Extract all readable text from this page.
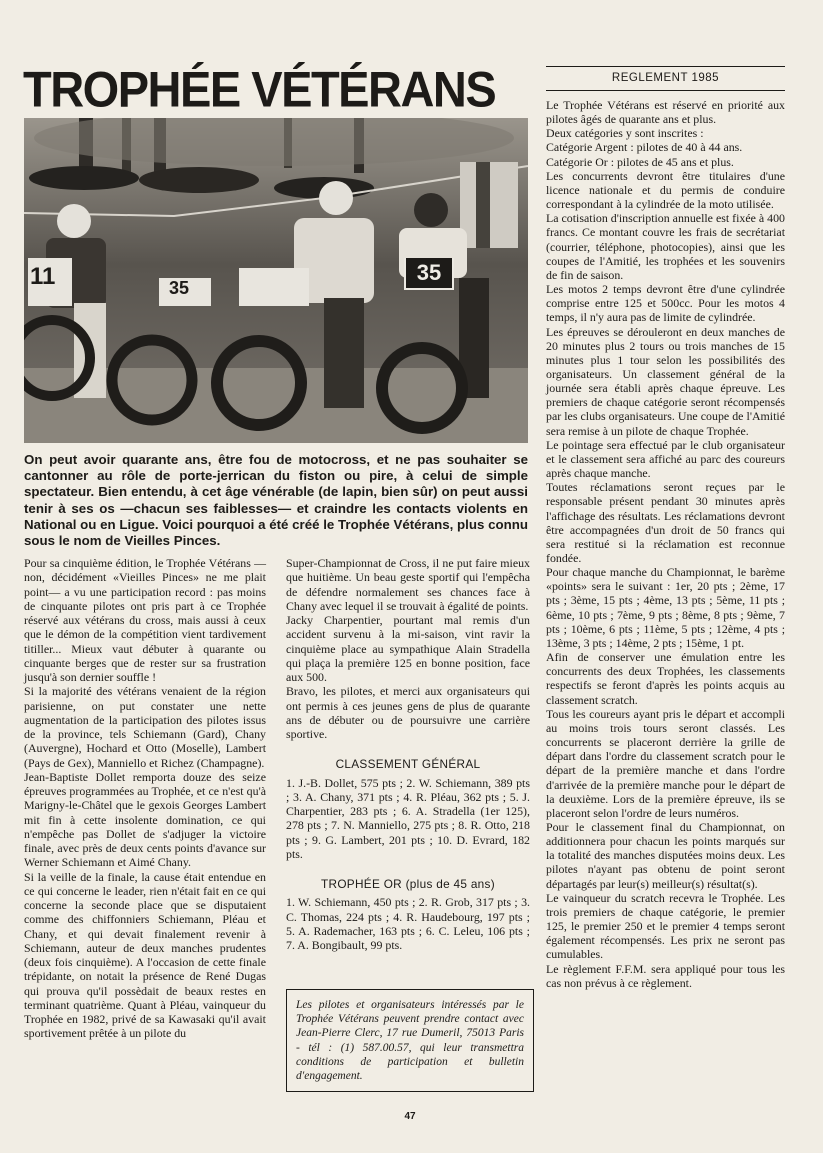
TROPHÉE VÉTÉRANS
11	35
35
On peut avoir quarante ans, être fou de motocross, et ne pas souhaiter se cantonner au rôle de porte-jerrican du fiston ou pire, à celui de simple spectateur. Bien entendu, à cet âge vénérable (de lapin, bien sûr) on peut aussi tenir à ses os —chacun ses faiblesses— et craindre les contacts violents en National ou en Ligue. Voici pourquoi a été créé le Trophée Vétérans, plus connu sous le nom de Vieilles Pinces.

Pour sa cinquième édition, le Trophée Vétérans —non, décidément «Vieilles Pinces» ne me plait point— a vu une participation record : pas moins de cinquante pilotes ont pris part à ce Trophée réservé aux vétérans du cross, mais aussi à ceux que le démon de la compétition vient tardivement titiller... Mieux vaut débuter à quarante ou cinquante berges que de rester sur sa frustration jusqu'à son dernier souffle !

Si la majorité des vétérans venaient de la région parisienne, on put constater une nette augmentation de la participation des pilotes issus de la province, tels Schiemann (Gard), Chany (Auvergne), Hochard et Otto (Moselle), Lambert (Pays de Gex), Manniello et Richez (Champagne).

Jean-Baptiste Dollet remporta douze des seize épreuves programmées au Trophée, et ce n'est qu'à Marigny-le-Châtel que le gexois Georges Lambert mit fin à cette insolente domination, ce qui n'empêche pas Dollet de s'adjuger la victoire finale, avec près de deux cents points d'avance sur Werner Schiemann et Aimé Chany.

Si la veille de la finale, la cause était entendue en ce qui concerne le leader, rien n'était fait en ce qui concerne la seconde place que se disputaient comme des chiffonniers Schiemann, Pléau et Chany, et qui devait finalement revenir à Schiemann, auteur de deux manches prudentes (deux fois cinquième). A l'occasion de cette finale trépidante, on notait la présence de René Dugas qui prouva qu'il possèdait de beaux restes en terminant quatrième. Quant à Pléau, vainqueur du Trophée en 1982, privé de sa Kawasaki qu'il avait sportivement prêtée à un pilote du

Super-Championnat de Cross, il ne put faire mieux que huitième. Un beau geste sportif qui l'empêcha de défendre normalement ses chances face à Chany avec lequel il se trouvait à égalité de points.

Jacky Charpentier, pourtant mal remis d'un accident survenu à la mi-saison, vint ravir la cinquième place au sympathique Alain Stradella qui plaça la première 125 en bonne position, face aux 500.

Bravo, les pilotes, et merci aux organisateurs qui ont permis à ces jeunes gens de plus de quarante ans de débuter ou de poursuivre une carrière sportive.

CLASSEMENT GÉNÉRAL

1. J.-B. Dollet, 575 pts ; 2. W. Schiemann, 389 pts ; 3. A. Chany, 371 pts ; 4. R. Pléau, 362 pts ; 5. J. Charpentier, 283 pts ; 6. A. Stradella (1er 125), 278 pts ; 7. N. Manniello, 275 pts ; 8. R. Otto, 218 pts ; 9. G. Lambert, 201 pts ; 10. D. Evrard, 182 pts.

TROPHÉE OR (plus de 45 ans)

1. W. Schiemann, 450 pts ; 2. R. Grob, 317 pts ; 3. C. Thomas, 224 pts ; 4. R. Haudebourg, 197 pts ; 5. A. Rademacher, 163 pts ; 6. C. Leleu, 106 pts ; 7. A. Bongibault, 99 pts.

Les pilotes et organisateurs intéressés par le Trophée Vétérans peuvent prendre contact avec Jean-Pierre Clerc, 17 rue Dumeril, 75013 Paris - tél : (1) 587.00.57, qui leur transmettra conditions de participation et bulletin d'engagement.
REGLEMENT 1985

Le Trophée Vétérans est réservé en priorité aux pilotes âgés de quarante ans et plus.

Deux catégories y sont inscrites :

Catégorie Argent : pilotes de 40 à 44 ans.

Catégorie Or : pilotes de 45 ans et plus.

Les concurrents devront être titulaires d'une licence nationale et du permis de conduire correspondant à la cylindrée de la moto utilisée.

La cotisation d'inscription annuelle est fixée à 400 francs. Ce montant couvre les frais de secrétariat (courrier, téléphone, photocopies), ainsi que les coupes de l'Amitié, les trophées et les souvenirs de fin de saison.

Les motos 2 temps devront être d'une cylindrée comprise entre 125 et 500cc. Pour les motos 4 temps, il n'y aura pas de limite de cylindrée.

Les épreuves se dérouleront en deux manches de 20 minutes plus 2 tours ou trois manches de 15 minutes plus 1 tour selon les possibilités des organisateurs. Un classement général de la journée sera établi après chaque épreuve. Les premiers de chaque catégorie seront récompensés par les clubs organisateurs. Une coupe de l'Amitié sera remise à un pilote de chaque Trophée.

Le pointage sera effectué par le club organisateur et le classement sera affiché au parc des coureurs après chaque manche.

Toutes réclamations seront reçues par le responsable présent pendant 30 minutes après l'affichage des résultats. Les réclamations devront être accompagnées d'un droit de 50 francs qui sera restitué si la réclamation est reconnue fondée.

Pour chaque manche du Championnat, le barème «points» sera le suivant : 1er, 20 pts ; 2ème, 17 pts ; 3ème, 15 pts ; 4ème, 13 pts ; 5ème, 11 pts ; 6ème, 10 pts ; 7ème, 9 pts ; 8ème, 8 pts ; 9ème, 7 pts ; 10ème, 6 pts ; 11ème, 5 pts ; 12ème, 4 pts ; 13ème, 3 pts ; 14ème, 2 pts ; 15ème, 1 pt.

Afin de conserver une émulation entre les concurrents des deux Trophées, les classements respectifs se feront d'après les points acquis au classement scratch.

Tous les coureurs ayant pris le départ et accompli au moins trois tours seront classés. Les concurrents se placeront derrière la grille de départ dans l'ordre du classement scratch pour le départ de la première manche et dans l'ordre d'arrivée de la première manche pour le départ de la deuxième. Lors de la première épreuve, ils se placeront selon l'ordre de leurs numéros.

Pour le classement final du Championnat, on additionnera pour chacun les points marqués sur la totalité des manches disputées moins deux. Les pilotes n'ayant pas obtenu de point seront départagés par leur(s) meilleur(s) résultat(s).

Le vainqueur du scratch recevra le Trophée. Les trois premiers de chaque catégorie, le premier 125, le premier 250 et le premier 4 temps seront également récompensés. Les prix ne seront pas cumulables.

Le règlement F.F.M. sera appliqué pour tous les cas non prévus à ce règlement.

47
